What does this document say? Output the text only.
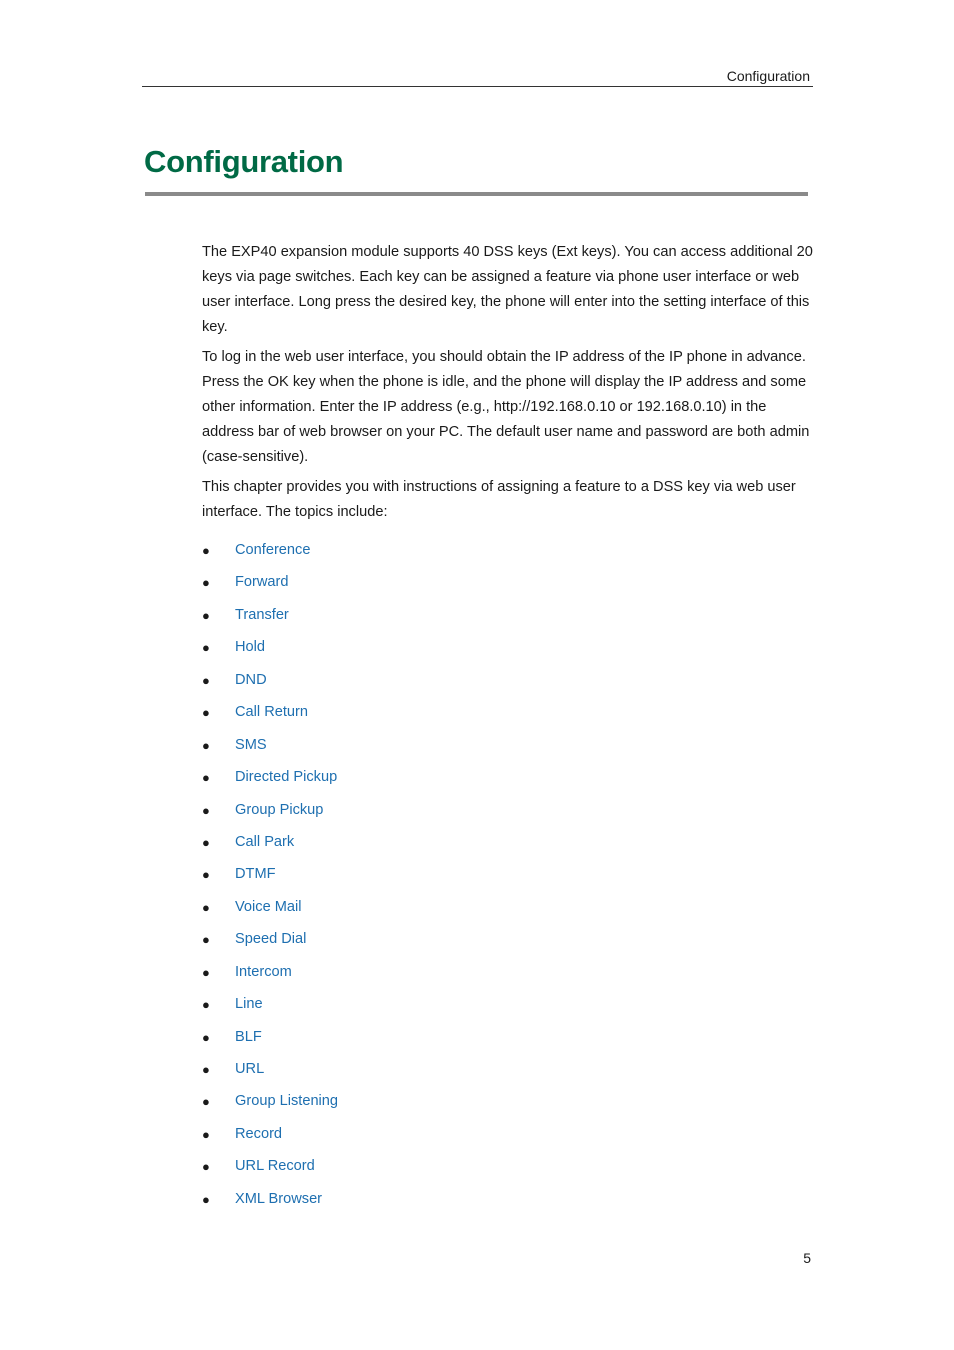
Configuration
Configuration

The EXP40 expansion module supports 40 DSS keys (Ext keys). You can access additional 20 keys via page switches. Each key can be assigned a feature via phone user interface or web user interface. Long press the desired key, the phone will enter into the setting interface of this key.

To log in the web user interface, you should obtain the IP address of the IP phone in advance. Press the OK key when the phone is idle, and the phone will display the IP address and some other information. Enter the IP address (e.g., http://192.168.0.10 or 192.168.0.10) in the address bar of web browser on your PC. The default user name and password are both admin (case-sensitive).

This chapter provides you with instructions of assigning a feature to a DSS key via web user interface. The topics include:

● Conference
● Forward
● Transfer
● Hold
● DND
● Call Return
● SMS
● Directed Pickup
● Group Pickup
● Call Park
● DTMF
● Voice Mail
● Speed Dial
● Intercom
● Line
● BLF
● URL
● Group Listening
● Record
● URL Record
● XML Browser
5
